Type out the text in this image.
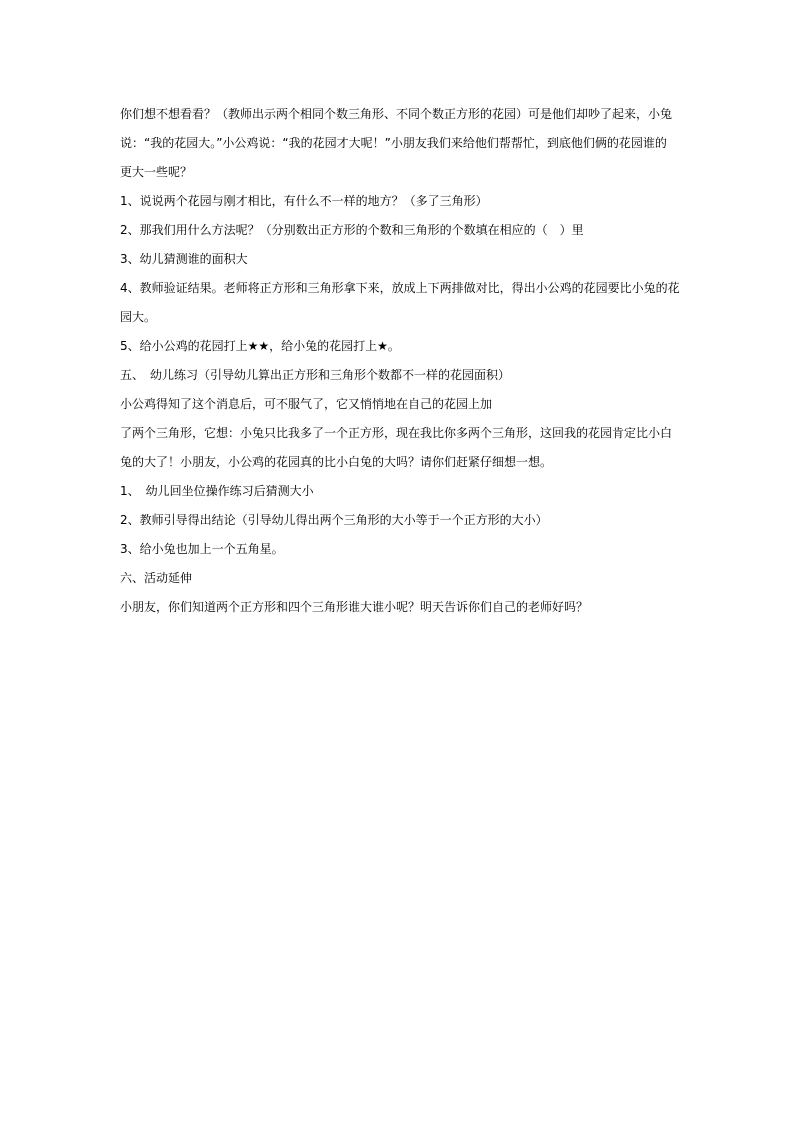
你们想不想看看？（教师出示两个相同个数三角形、不同个数正方形的花园）可是他们却吵了起来，小兔
说：“我的花园大。”小公鸡说：“我的花园才大呢！”小朋友我们来给他们帮帮忙，到底他们俩的花园谁的
更大一些呢？
1、说说两个花园与刚才相比，有什么不一样的地方？（多了三角形）
2、那我们用什么方法呢？（分别数出正方形的个数和三角形的个数填在相应的（　）里
3、幼儿猜测谁的面积大
4、教师验证结果。老师将正方形和三角形拿下来，放成上下两排做对比，得出小公鸡的花园要比小兔的花
园大。
5、给小公鸡的花园打上★★，给小兔的花园打上★。
五、　幼儿练习（引导幼儿算出正方形和三角形个数都不一样的花园面积）
小公鸡得知了这个消息后，可不服气了，它又悄悄地在自己的花园上加
了两个三角形，它想：小兔只比我多了一个正方形，现在我比你多两个三角形，这回我的花园肯定比小白
兔的大了！小朋友，小公鸡的花园真的比小白兔的大吗？请你们赶紧仔细想一想。
1、　幼儿回坐位操作练习后猜测大小
2、教师引导得出结论（引导幼儿得出两个三角形的大小等于一个正方形的大小）
3、给小兔也加上一个五角星。
六、活动延伸
小朋友，你们知道两个正方形和四个三角形谁大谁小呢？明天告诉你们自己的老师好吗？
